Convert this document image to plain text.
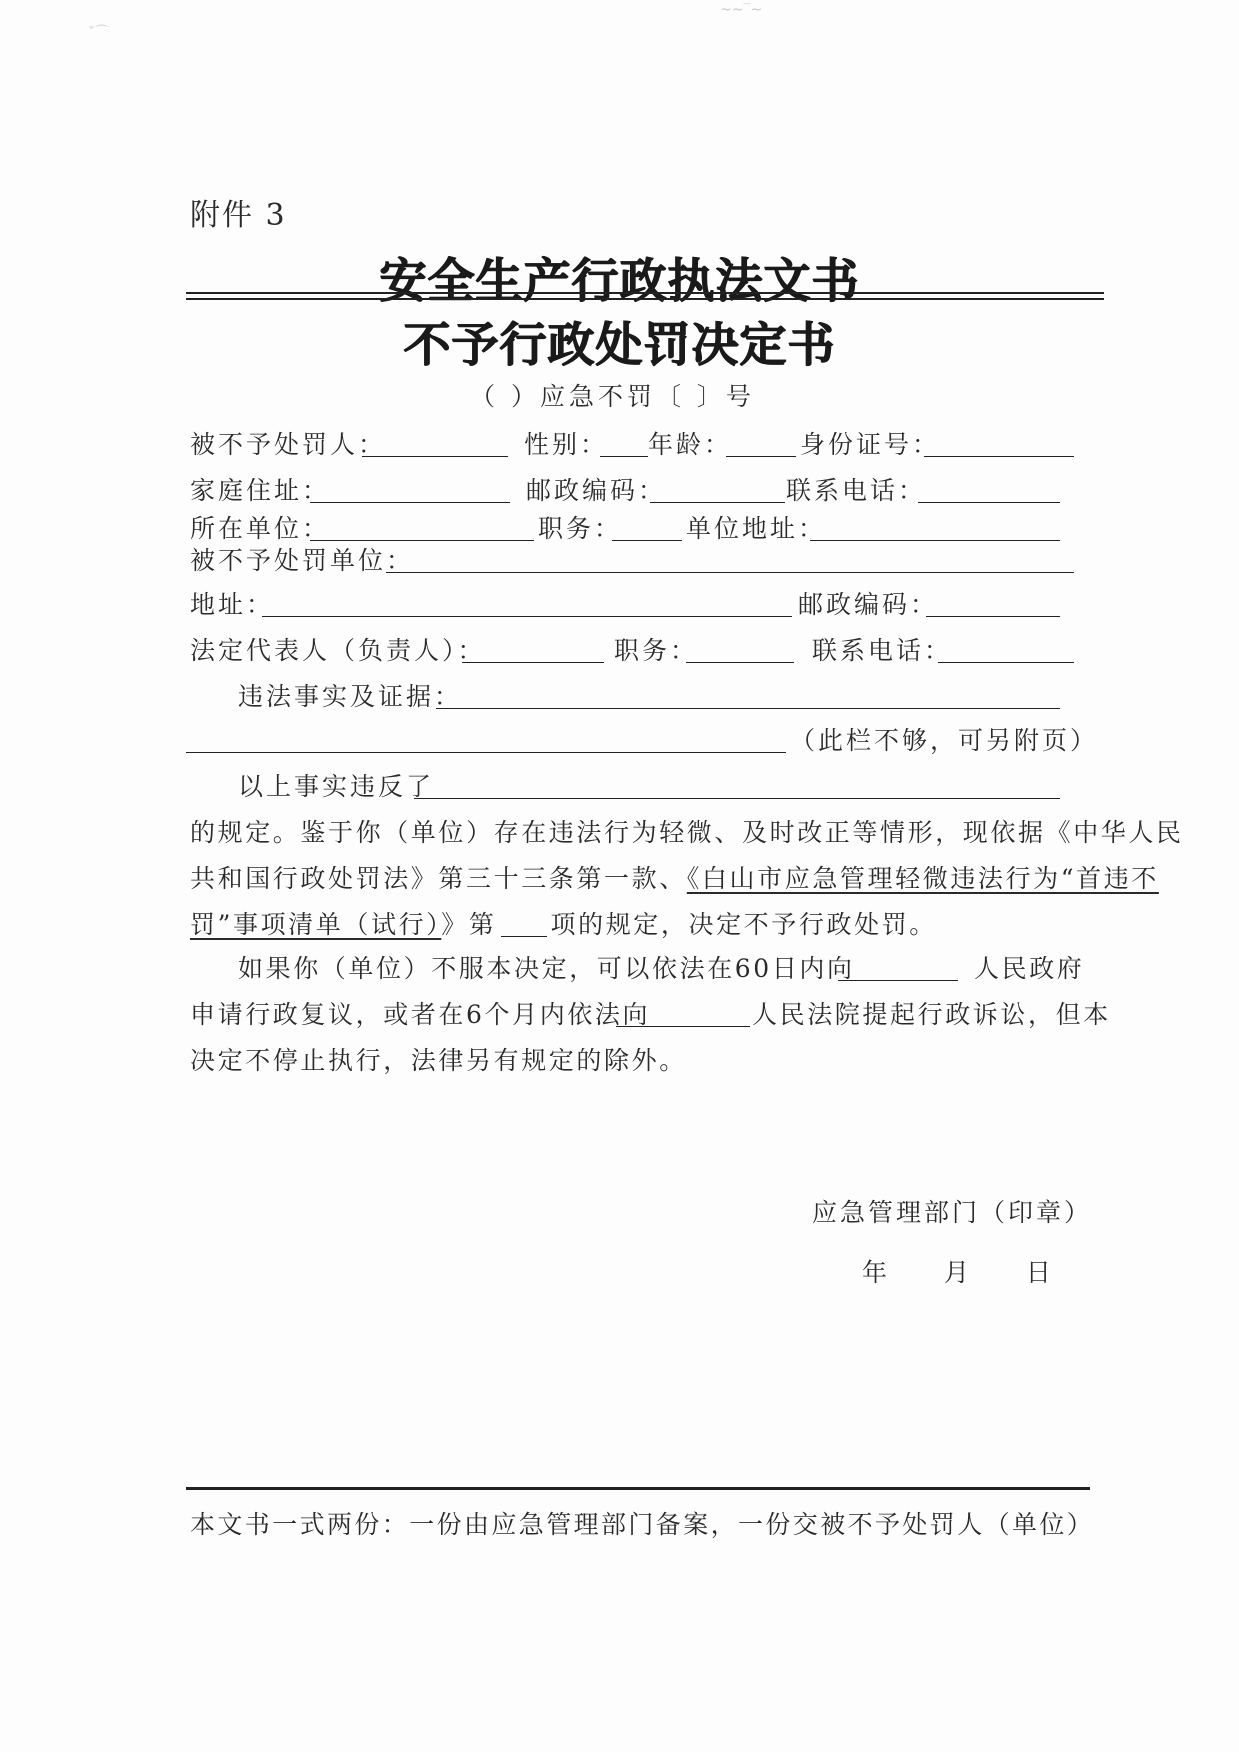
ˇ⌒
~~‾~
附件 3
安全生产行政执法文书
不予行政处罚决定书
（ ）应急不罚〔 〕号
被不予处罚人：	性别： 年龄：	身份证号：
家庭住址：	邮政编码：	联系电话：
所在单位：	职务：	单位地址：
被不予处罚单位：
地址：	邮政编码：
法定代表人（负责人）：	职务：	联系电话：
违法事实及证据：
（此栏不够，可另附页）
以上事实违反了
的规定。鉴于你（单位）存在违法行为轻微、及时改正等情形，现依据《中华人民
共和国行政处罚法》第三十三条第一款、《白山市应急管理轻微违法行为“首违不
罚”事项清单（试行）》第 项的规定，决定不予行政处罚。
如果你（单位）不服本决定，可以依法在60日内向	人民政府
申请行政复议，或者在6个月内依法向	人民法院提起行政诉讼，但本
决定不停止执行，法律另有规定的除外。
应急管理部门（印章）
年　 月　 日
本文书一式两份：一份由应急管理部门备案，一份交被不予处罚人（单位）
